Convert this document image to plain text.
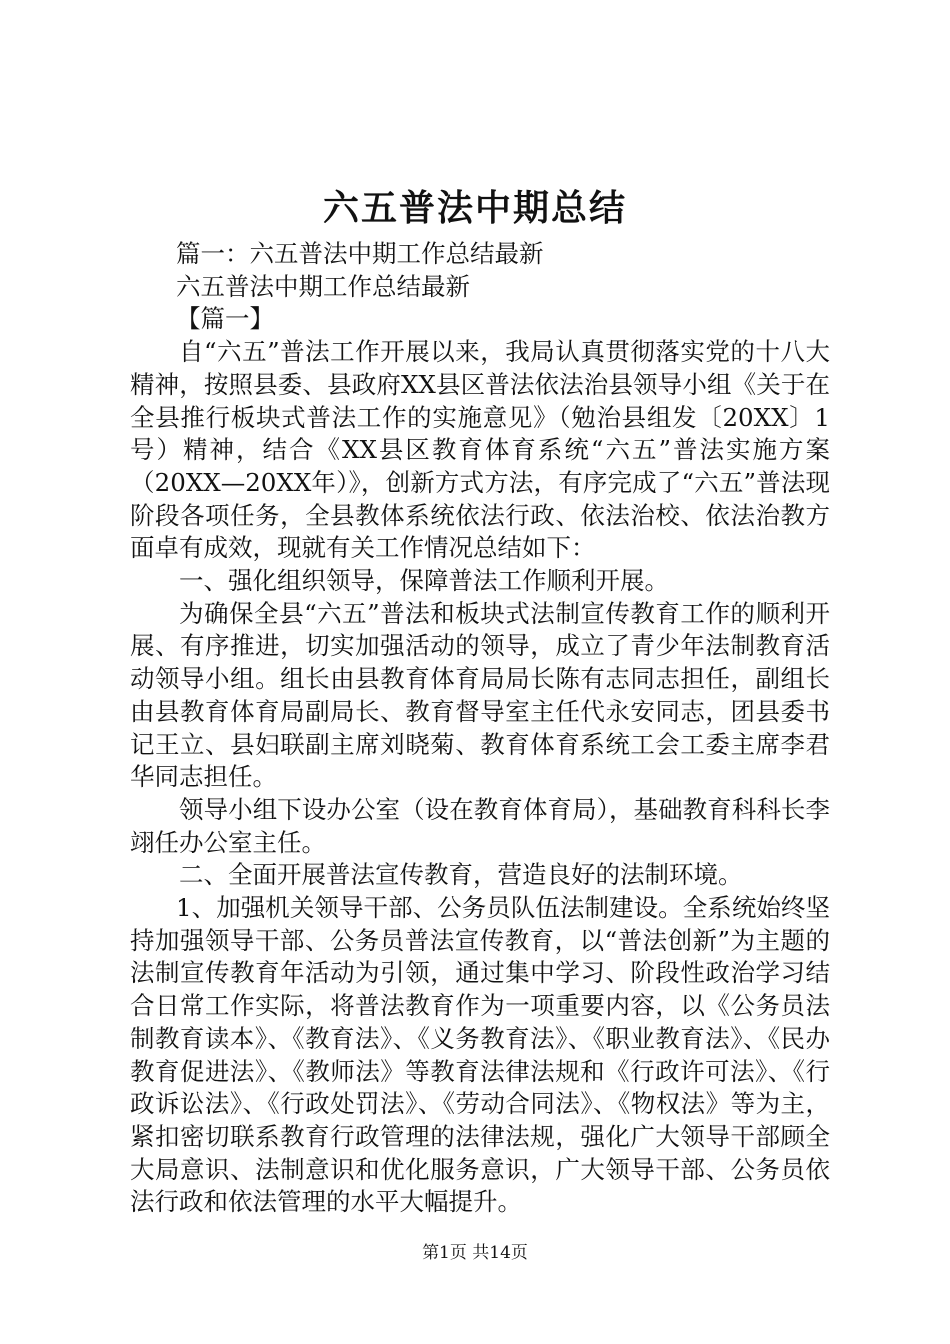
六五普法中期总结

篇一：六五普法中期工作总结最新

六五普法中期工作总结最新

【篇一】

自“六五”普法工作开展以来，我局认真贯彻落实党的十八大精神，按照县委、县政府XX县区普法依法治县领导小组《关于在全县推行板块式普法工作的实施意见》（勉治县组发〔20XX〕1号）精神，结合《XX县区教育体育系统“六五”普法实施方案（20XX—20XX年）》，创新方式方法，有序完成了“六五”普法现阶段各项任务，全县教体系统依法行政、依法治校、依法治教方面卓有成效，现就有关工作情况总结如下：

一、强化组织领导，保障普法工作顺利开展。

为确保全县“六五”普法和板块式法制宣传教育工作的顺利开展、有序推进，切实加强活动的领导，成立了青少年法制教育活动领导小组。组长由县教育体育局局长陈有志同志担任，副组长由县教育体育局副局长、教育督导室主任代永安同志，团县委书记王立、县妇联副主席刘晓菊、教育体育系统工会工委主席李君华同志担任。

领导小组下设办公室（设在教育体育局），基础教育科科长李翊任办公室主任。

二、全面开展普法宣传教育，营造良好的法制环境。

1、加强机关领导干部、公务员队伍法制建设。全系统始终坚持加强领导干部、公务员普法宣传教育，以“普法创新”为主题的法制宣传教育年活动为引领，通过集中学习、阶段性政治学习结合日常工作实际，将普法教育作为一项重要内容，以《公务员法制教育读本》、《教育法》、《义务教育法》、《职业教育法》、《民办教育促进法》、《教师法》等教育法律法规和《行政许可法》、《行政诉讼法》、《行政处罚法》、《劳动合同法》、《物权法》等为主，紧扣密切联系教育行政管理的法律法规，强化广大领导干部顾全大局意识、法制意识和优化服务意识，广大领导干部、公务员依法行政和依法管理的水平大幅提升。

第1页 共14页
